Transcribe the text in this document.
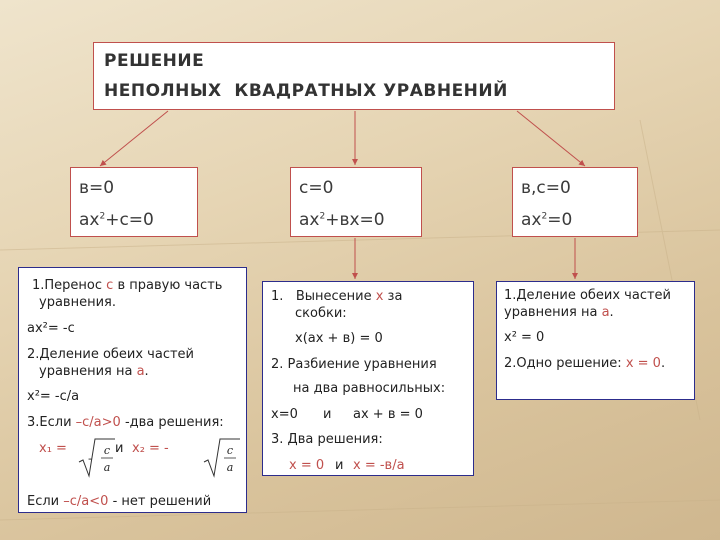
РЕШЕНИЕ
НЕПОЛНЫХ  КВАДРАТНЫХ УРАВНЕНИЙ
в=0
$ах^2+с=0$
с=0
$ах^2+вх=0$
в,с=0
$ах^2=0$
1.Перенос с в правую часть
уравнения.
ах²= -с
2.Деление обеих частей
уравнения на а.
х²= -с/а
3.Если –с/а>0 -два решения:
х₁ =
-
c
a
и х₂ = -	c
a
Если –с/а<0 - нет решений
1. Вынесение х за
скобки:
х(ах + в) = 0
2. Разбиение уравнения
на два равносильных:
х=0 и ах + в = 0
3. Два решения:
х = 0 и х = -в/а
1.Деление обеих частей
уравнения на а.
х² = 0
2.Одно решение: х = 0.
